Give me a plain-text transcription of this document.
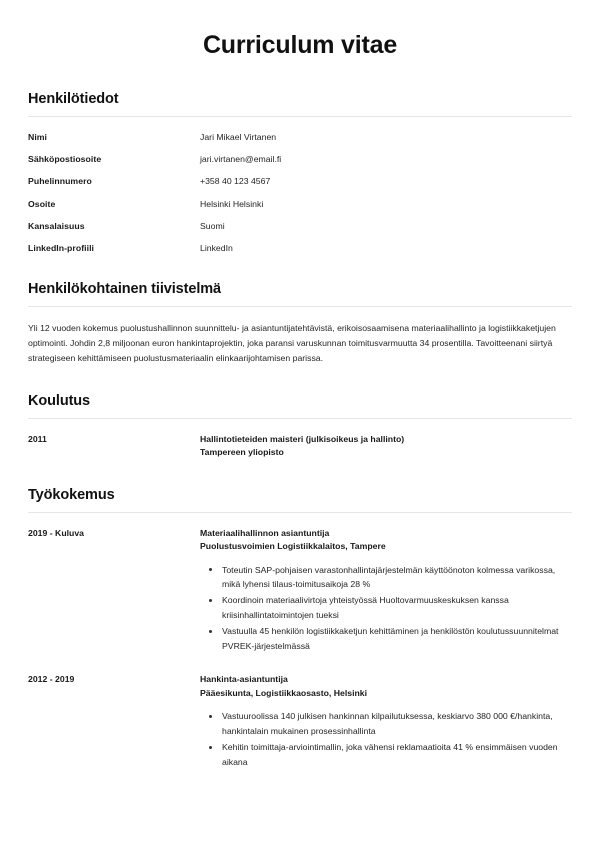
Curriculum vitae
Henkilötiedot
Nimi	Jari Mikael Virtanen
Sähköpostiosoite	jari.virtanen@email.fi
Puhelinnumero	+358 40 123 4567
Osoite	Helsinki Helsinki
Kansalaisuus	Suomi
LinkedIn-profiili	LinkedIn
Henkilökohtainen tiivistelmä

Yli 12 vuoden kokemus puolustushallinnon suunnittelu- ja asiantuntijatehtävistä, erikoisosaamisena materiaalihallinto ja logistiikkaketjujen optimointi. Johdin 2,8 miljoonan euron hankintaprojektin, joka paransi varuskunnan toimitusvarmuutta 34 prosentilla. Tavoitteenani siirtyä strategiseen kehittämiseen puolustusmateriaalin elinkaarijohtamisen parissa.

Koulutus
2011	Hallintotieteiden maisteri (julkisoikeus ja hallinto)
Tampereen yliopisto
Työkokemus
2019 - Kuluva	Materiaalihallinnon asiantuntija
Puolustusvoimien Logistiikkalaitos, Tampere
Toteutin SAP-pohjaisen varastonhallintajärjestelmän käyttöönoton kolmessa varikossa, mikä lyhensi tilaus-toimitusaikoja 28 %
Koordinoin materiaalivirtoja yhteistyössä Huoltovarmuuskeskuksen kanssa kriisinhallintatoimintojen tueksi
Vastuulla 45 henkilön logistiikkaketjun kehittäminen ja henkilöstön koulutussuunnitelmat PVREK-järjestelmässä
2012 - 2019	Hankinta-asiantuntija
Pääesikunta, Logistiikkaosasto, Helsinki
Vastuuroolissa 140 julkisen hankinnan kilpailutuksessa, keskiarvo 380 000 €/hankinta, hankintalain mukainen prosessinhallinta
Kehitin toimittaja-arviointimallin, joka vähensi reklamaatioita 41 % ensimmäisen vuoden aikana
